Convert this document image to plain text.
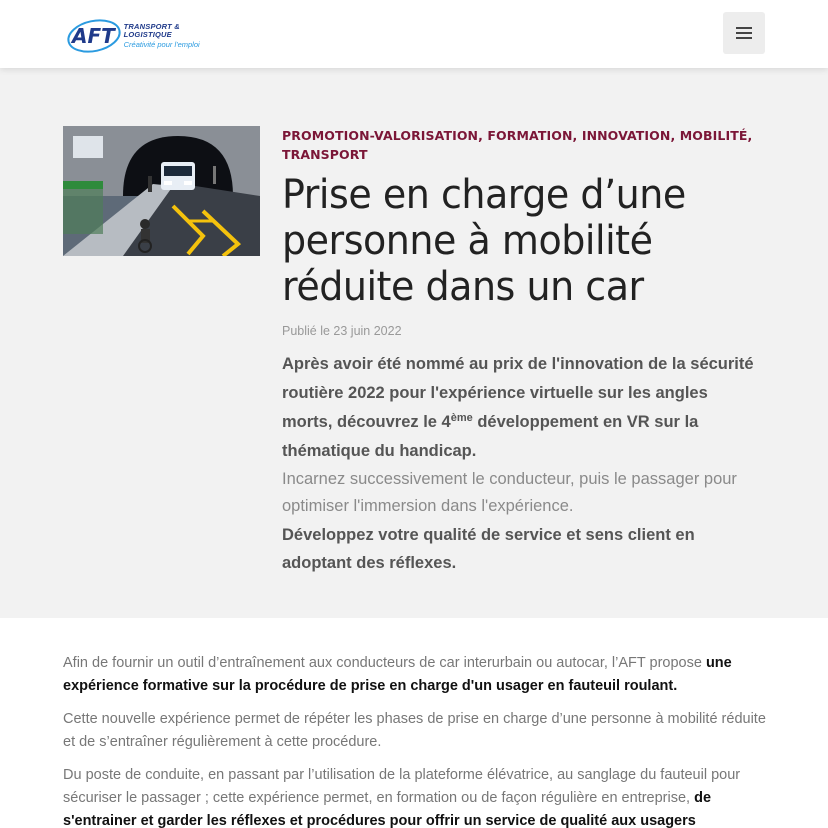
AFT TRANSPORT & LOGISTIQUE
Créativité pour l'emploi
PROMOTION-VALORISATION, FORMATION, INNOVATION, MOBILITÉ, TRANSPORT
Prise en charge d’une personne à mobilité réduite dans un car
Publié le 23 juin 2022

Après avoir été nommé au prix de l'innovation de la sécurité routière 2022 pour l'expérience virtuelle sur les angles morts, découvrez le 4ème développement en VR sur la thématique du handicap.

Incarnez successivement le conducteur, puis le passager pour optimiser l'immersion dans l'expérience.

Développez votre qualité de service et sens client en adoptant des réflexes.

Afin de fournir un outil d’entraînement aux conducteurs de car interurbain ou autocar, l’AFT propose une expérience formative sur la procédure de prise en charge d'un usager en fauteuil roulant.

Cette nouvelle expérience permet de répéter les phases de prise en charge d’une personne à mobilité réduite et de s’entraîner régulièrement à cette procédure.

Du poste de conduite, en passant par l’utilisation de la plateforme élévatrice, au sanglage du fauteuil pour sécuriser le passager ; cette expérience permet, en formation ou de façon régulière en entreprise, de s'entrainer et garder les réflexes et procédures pour offrir un service de qualité aux usagers
